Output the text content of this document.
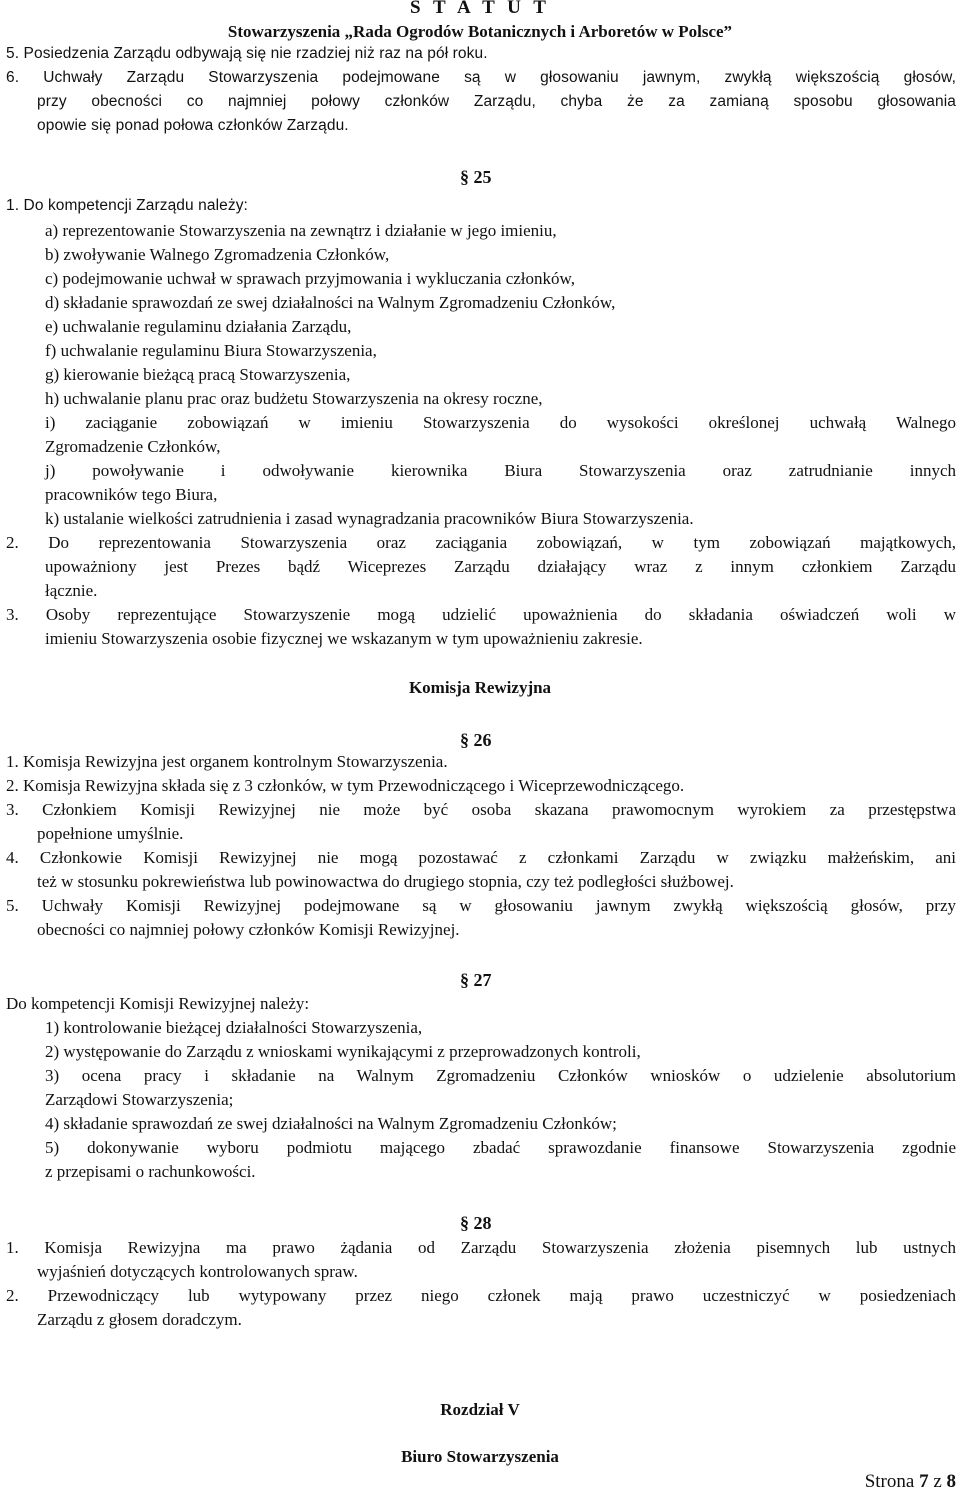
S T A T U T
Stowarzyszenia „Rada Ogrodów Botanicznych i Arboretów w Polsce”
5. Posiedzenia Zarządu odbywają się nie rzadziej niż raz na pół roku.
6. Uchwały Zarządu Stowarzyszenia podejmowane są w głosowaniu jawnym, zwykłą większością głosów,
przy obecności co najmniej połowy członków Zarządu, chyba że za zamianą sposobu głosowania
opowie się ponad połowa członków Zarządu.
§ 25
1. Do kompetencji Zarządu należy:
a) reprezentowanie Stowarzyszenia na zewnątrz i działanie w jego imieniu,
b) zwoływanie Walnego Zgromadzenia Członków,
c) podejmowanie uchwał w sprawach przyjmowania i wykluczania członków,
d) składanie sprawozdań ze swej działalności na Walnym Zgromadzeniu Członków,
e) uchwalanie regulaminu działania Zarządu,
f) uchwalanie regulaminu Biura Stowarzyszenia,
g) kierowanie bieżącą pracą Stowarzyszenia,
h) uchwalanie planu prac oraz budżetu Stowarzyszenia na okresy roczne,
i) zaciąganie zobowiązań w imieniu Stowarzyszenia do wysokości określonej uchwałą Walnego
Zgromadzenie Członków,
j) powoływanie i odwoływanie kierownika Biura Stowarzyszenia oraz zatrudnianie innych
pracowników tego Biura,
k) ustalanie wielkości zatrudnienia i zasad wynagradzania pracowników Biura Stowarzyszenia.
2. Do reprezentowania Stowarzyszenia oraz zaciągania zobowiązań, w tym zobowiązań majątkowych,
upoważniony jest Prezes bądź Wiceprezes Zarządu działający wraz z innym członkiem Zarządu
łącznie.
3. Osoby reprezentujące Stowarzyszenie mogą udzielić upoważnienia do składania oświadczeń woli w
imieniu Stowarzyszenia osobie fizycznej we wskazanym w tym upoważnieniu zakresie.
Komisja Rewizyjna
§ 26
1. Komisja Rewizyjna jest organem kontrolnym Stowarzyszenia.
2. Komisja Rewizyjna składa się z 3 członków, w tym Przewodniczącego i Wiceprzewodniczącego.
3. Członkiem Komisji Rewizyjnej nie może być osoba skazana prawomocnym wyrokiem za przestępstwa
popełnione umyślnie.
4. Członkowie Komisji Rewizyjnej nie mogą pozostawać z członkami Zarządu w związku małżeńskim, ani
też w stosunku pokrewieństwa lub powinowactwa do drugiego stopnia, czy też podległości służbowej.
5. Uchwały Komisji Rewizyjnej podejmowane są w głosowaniu jawnym zwykłą większością głosów, przy
obecności co najmniej połowy członków Komisji Rewizyjnej.
§ 27
Do kompetencji Komisji Rewizyjnej należy:
1) kontrolowanie bieżącej działalności Stowarzyszenia,
2) występowanie do Zarządu z wnioskami wynikającymi z przeprowadzonych kontroli,
3) ocena pracy i składanie na Walnym Zgromadzeniu Członków wniosków o udzielenie absolutorium
Zarządowi Stowarzyszenia;
4) składanie sprawozdań ze swej działalności na Walnym Zgromadzeniu Członków;
5) dokonywanie wyboru podmiotu mającego zbadać sprawozdanie finansowe Stowarzyszenia zgodnie
z przepisami o rachunkowości.
§ 28
1. Komisja Rewizyjna ma prawo żądania od Zarządu Stowarzyszenia złożenia pisemnych lub ustnych
wyjaśnień dotyczących kontrolowanych spraw.
2. Przewodniczący lub wytypowany przez niego członek mają prawo uczestniczyć w posiedzeniach
Zarządu z głosem doradczym.
Rozdział V
Biuro Stowarzyszenia
Strona 7 z 8
